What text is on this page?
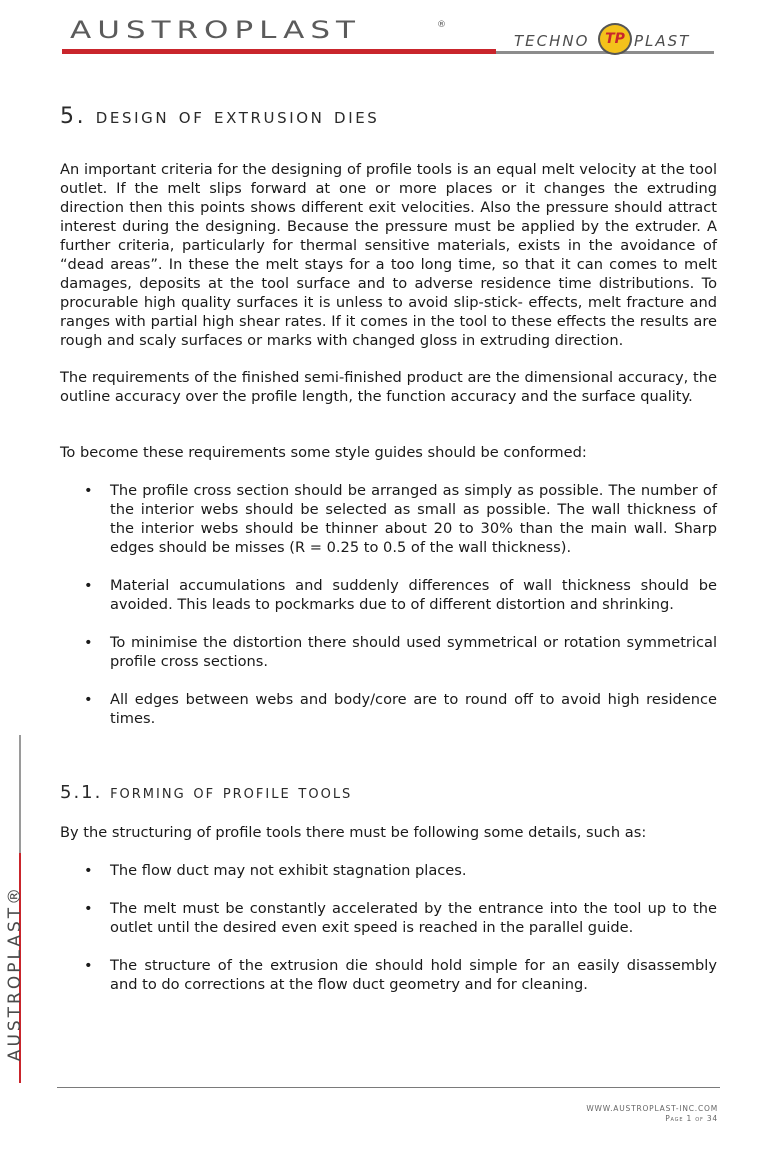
AUSTROPLAST	®
TECHNO	TP PLAST
AUSTROPLAST®
5. design of extrusion dies

An important criteria for the designing of profile tools is an equal melt velocity at the tool outlet. If the melt slips forward at one or more places or it changes the extruding direction then this points shows different exit velocities. Also the pressure should attract interest during the designing. Because the pressure must be applied by the extruder. A further criteria, particularly for thermal sensitive materials, exists in the avoidance of “dead areas”. In these the melt stays for a too long time, so that it can comes to melt damages, deposits at the tool surface and to adverse residence time distributions. To procurable high quality surfaces it is unless to avoid slip-stick- effects, melt fracture and ranges with partial high shear rates. If it comes in the tool to these effects the results are rough and scaly surfaces or marks with changed gloss in extruding direction.

The requirements of the finished semi-finished product are the dimensional accuracy, the outline accuracy over the profile length, the function accuracy and the surface quality.

To become these requirements some style guides should be conformed:

• The profile cross section should be arranged as simply as possible. The number of the interior webs should be selected as small as possible. The wall thickness of the interior webs should be thinner about 20 to 30% than the main wall. Sharp edges should be misses (R = 0.25 to 0.5 of the wall thickness).
• Material accumulations and suddenly differences of wall thickness should be avoided. This leads to pockmarks due to of different distortion and shrinking.
• To minimise the distortion there should used symmetrical or rotation symmetrical profile cross sections.
• All edges between webs and body/core are to round off to avoid high residence times.
5.1. forming of profile tools

By the structuring of profile tools there must be following some details, such as:

• The flow duct may not exhibit stagnation places.
• The melt must be constantly accelerated by the entrance into the tool up to the outlet until the desired even exit speed is reached in the parallel guide.
• The structure of the extrusion die should hold simple for an easily disassembly and to do corrections at the flow duct geometry and for cleaning.
WWW.AUSTROPLAST-INC.COM
Page 1 of 34
